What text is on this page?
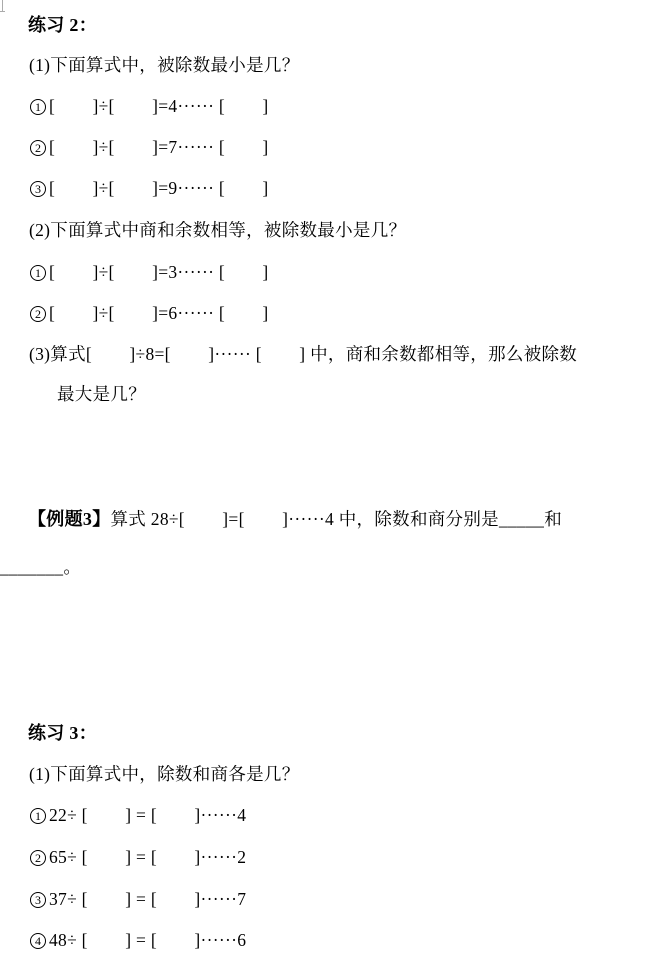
练习 2：
(1)下面算式中，被除数最小是几？
1 [        ]÷[        ]=4······ [        ]
2 [        ]÷[        ]=7······ [        ]
3 [        ]÷[        ]=9······ [        ]
(2)下面算式中商和余数相等，被除数最小是几？
1 [        ]÷[        ]=3······ [        ]
2 [        ]÷[        ]=6······ [        ]
(3)算式[        ]÷8=[        ]······ [        ] 中，商和余数都相等，那么被除数
最大是几？
【例题3】算式 28÷[        ]=[        ]······4 中，除数和商分别是_____和
_______。
练习 3：
(1)下面算式中，除数和商各是几？
1 22÷ [        ] = [        ]······4
2 65÷ [        ] = [        ]······2
3 37÷ [        ] = [        ]······7
4 48÷ [        ] = [        ]······6
